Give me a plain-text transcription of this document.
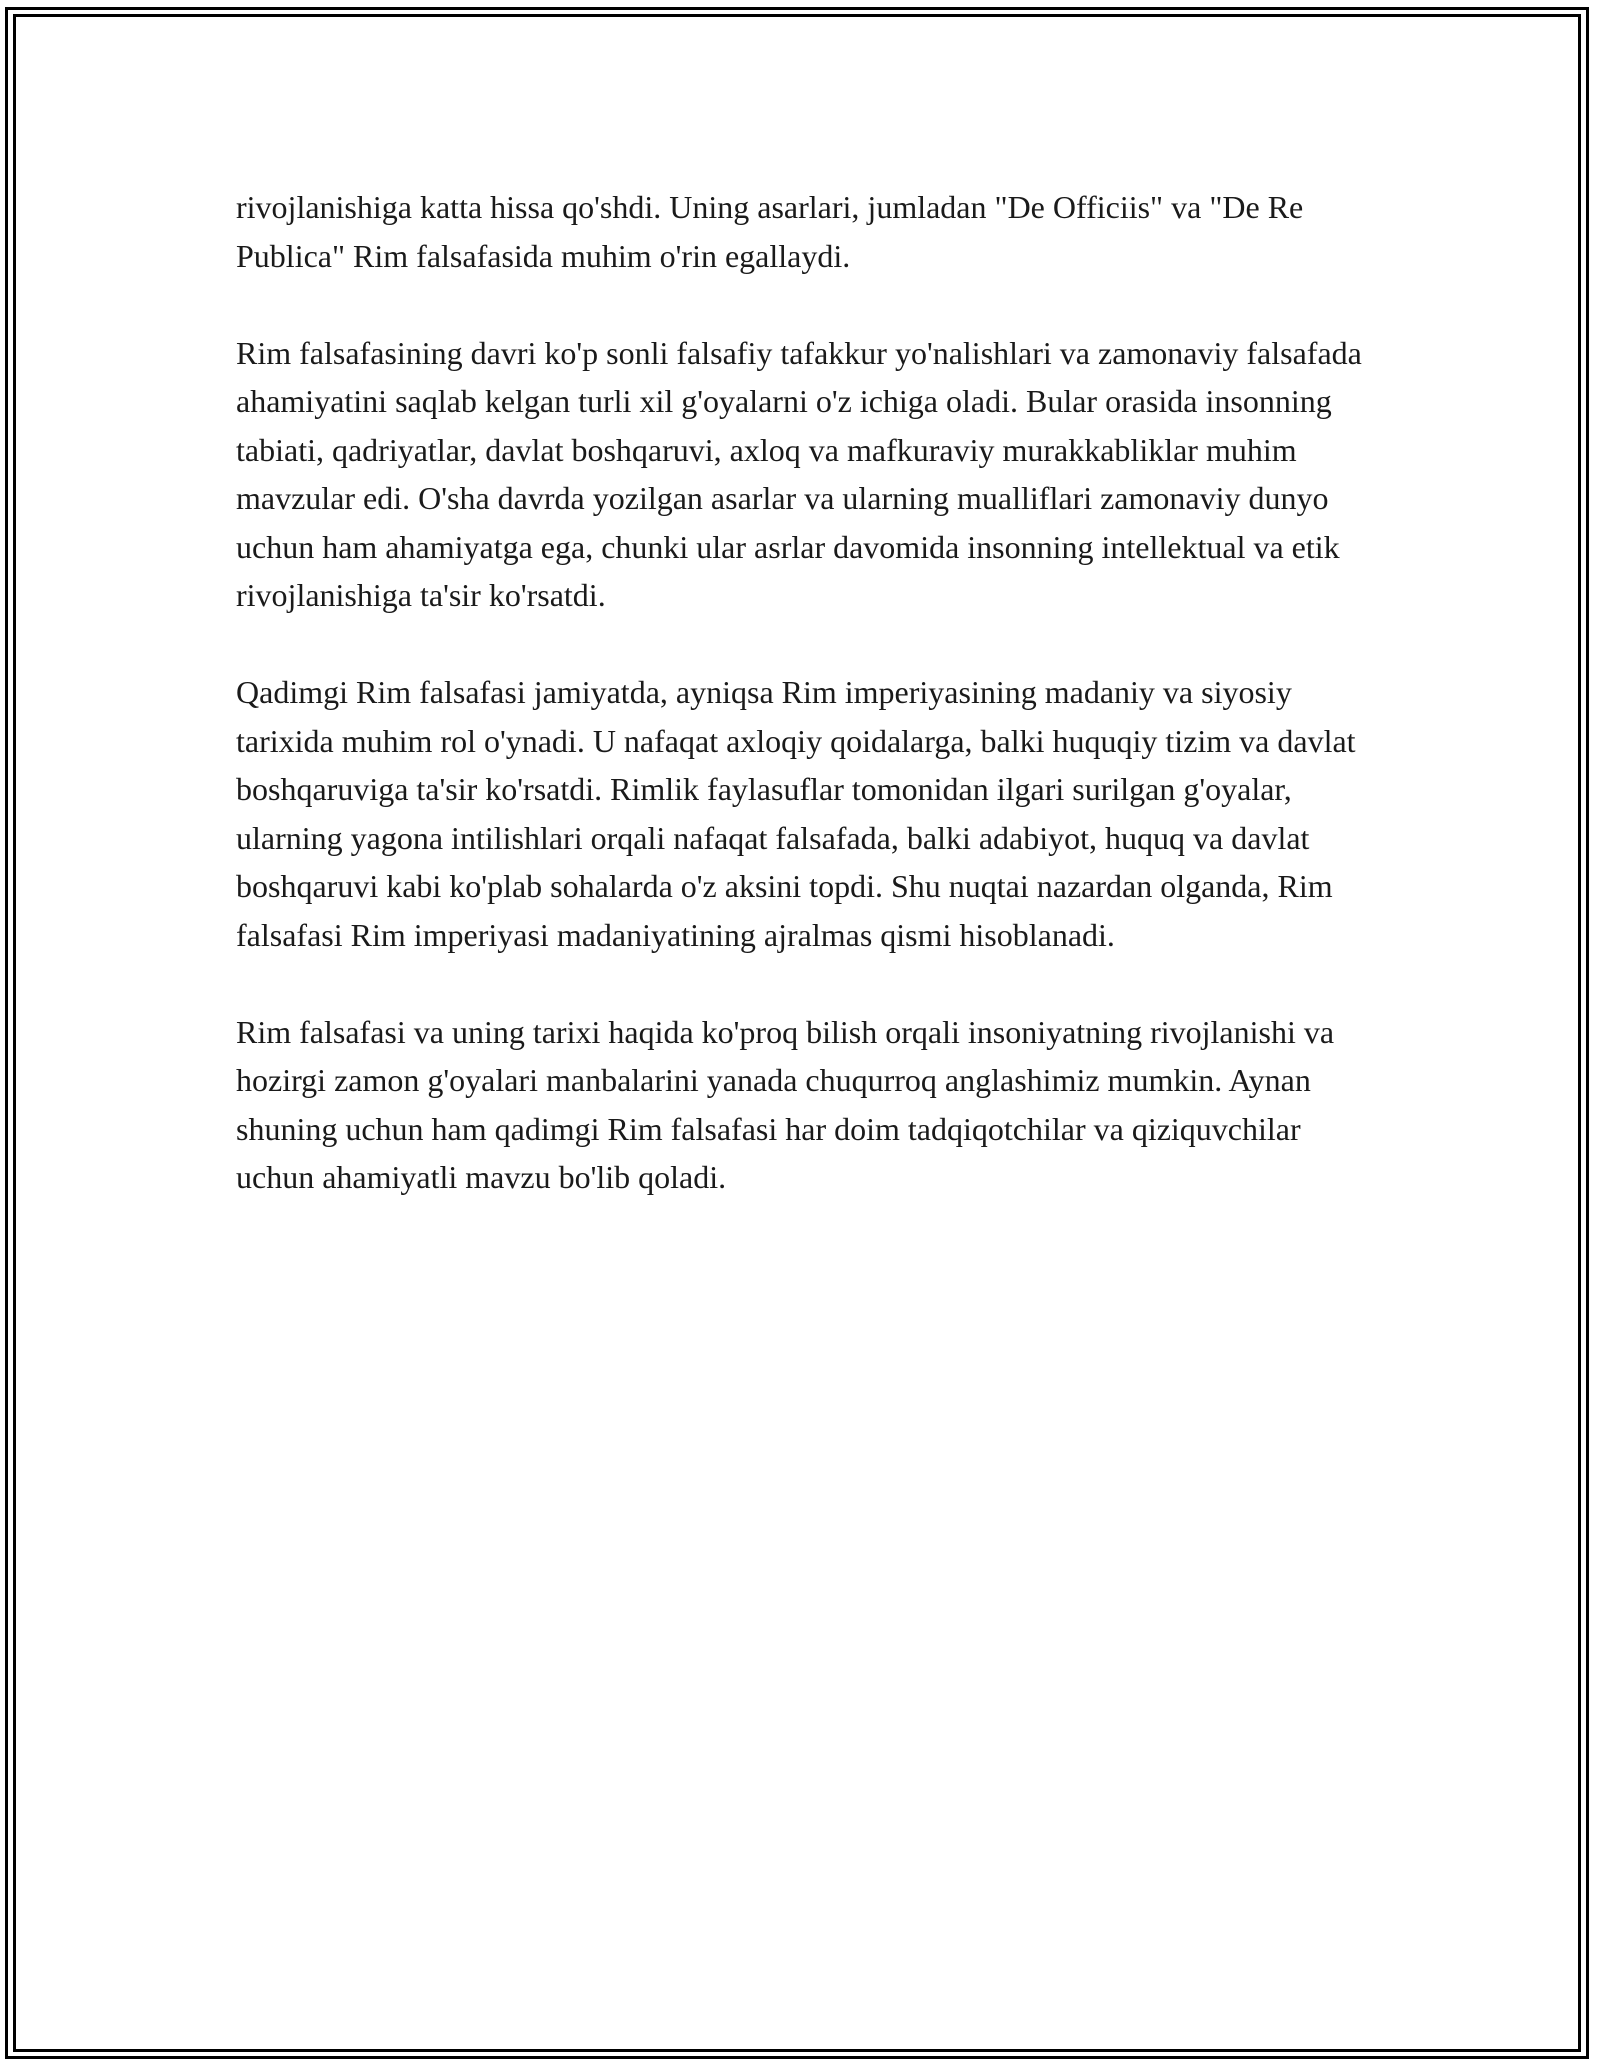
rivojlanishiga katta hissa qo'shdi. Uning asarlari, jumladan "De Officiis" va "De Re Publica" Rim falsafasida muhim o'rin egallaydi.

Rim falsafasining davri ko'p sonli falsafiy tafakkur yo'nalishlari va zamonaviy falsafada ahamiyatini saqlab kelgan turli xil g'oyalarni o'z ichiga oladi. Bular orasida insonning tabiati, qadriyatlar, davlat boshqaruvi, axloq va mafkuraviy murakkabliklar muhim mavzular edi. O'sha davrda yozilgan asarlar va ularning mualliflari zamonaviy dunyo uchun ham ahamiyatga ega, chunki ular asrlar davomida insonning intellektual va etik rivojlanishiga ta'sir ko'rsatdi.

Qadimgi Rim falsafasi jamiyatda, ayniqsa Rim imperiyasining madaniy va siyosiy tarixida muhim rol o'ynadi. U nafaqat axloqiy qoidalarga, balki huquqiy tizim va davlat boshqaruviga ta'sir ko'rsatdi. Rimlik faylasuflar tomonidan ilgari surilgan g'oyalar, ularning yagona intilishlari orqali nafaqat falsafada, balki adabiyot, huquq va davlat boshqaruvi kabi ko'plab sohalarda o'z aksini topdi. Shu nuqtai nazardan olganda, Rim falsafasi Rim imperiyasi madaniyatining ajralmas qismi hisoblanadi.

Rim falsafasi va uning tarixi haqida ko'proq bilish orqali insoniyatning rivojlanishi va hozirgi zamon g'oyalari manbalarini yanada chuqurroq anglashimiz mumkin. Aynan shuning uchun ham qadimgi Rim falsafasi har doim tadqiqotchilar va qiziquvchilar uchun ahamiyatli mavzu bo'lib qoladi.
